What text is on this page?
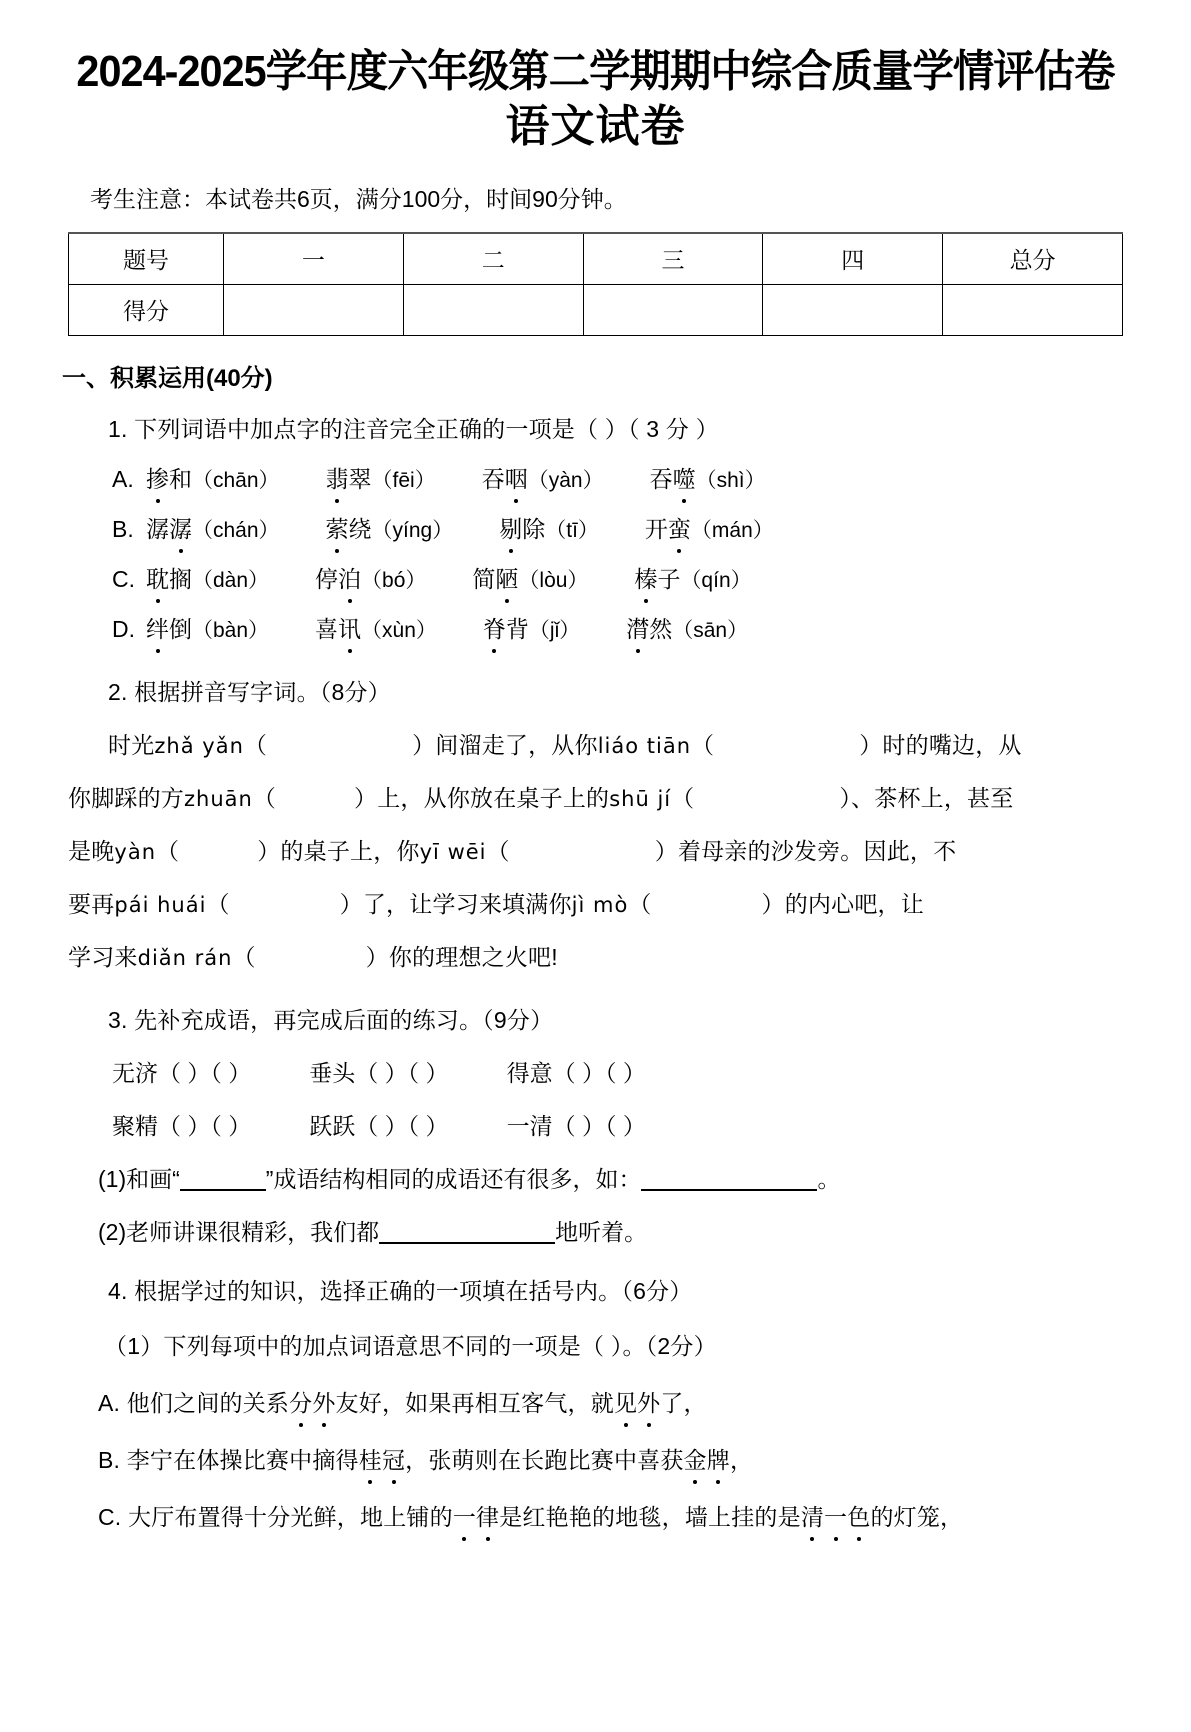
2024-2025学年度六年级第二学期期中综合质量学情评估卷
语文试卷
考生注意：本试卷共6页，满分100分，时间90分钟。
题号	一	二	三	四	总分
得分					
一、积累运用(40分)
1. 下列词语中加点字的注音完全正确的一项是（ ）（ 3 分 ）
A. 掺和（chān） 翡翠（fēi） 吞咽（yàn） 吞噬（shì）
B. 潺潺（chán） 萦绕（yíng） 剔除（tī） 开蛮（mán）
C. 耽搁（dàn） 停泊（bó） 简陋（lòu） 榛子（qín）
D. 绊倒（bàn） 喜讯（xùn） 脊背（jǐ） 潸然（sān）
2. 根据拼音写字词。（8分）
时光zhǎ yǎn（	）间溜走了，从你liáo tiān（	）时的嘴边，从
你脚踩的方zhuān（	）上，从你放在桌子上的shū jí（	）、茶杯上，甚至
是晚yàn（	）的桌子上，你yī wēi（	）着母亲的沙发旁。因此，不
要再pái huái（	）了，让学习来填满你jì mò（	）的内心吧，让
学习来diǎn rán（	）你的理想之火吧!
3. 先补充成语，再完成后面的练习。（9分）
无济（ ）（ ）	垂头（ ）（ ）	得意（ ）（ ）
聚精（ ）（ ）	跃跃（ ）（ ）	一清（ ）（ ）
(1)和画“	”成语结构相同的成语还有很多，如：	。
(2)老师讲课很精彩，我们都	地听着。
4. 根据学过的知识，选择正确的一项填在括号内。（6分）
（1）下列每项中的加点词语意思不同的一项是（ ）。（2分）
A. 他们之间的关系分外友好，如果再相互客气，就见外了，
B. 李宁在体操比赛中摘得桂冠，张萌则在长跑比赛中喜获金牌，
C. 大厅布置得十分光鲜，地上铺的一律是红艳艳的地毯，墙上挂的是清一色的灯笼，
